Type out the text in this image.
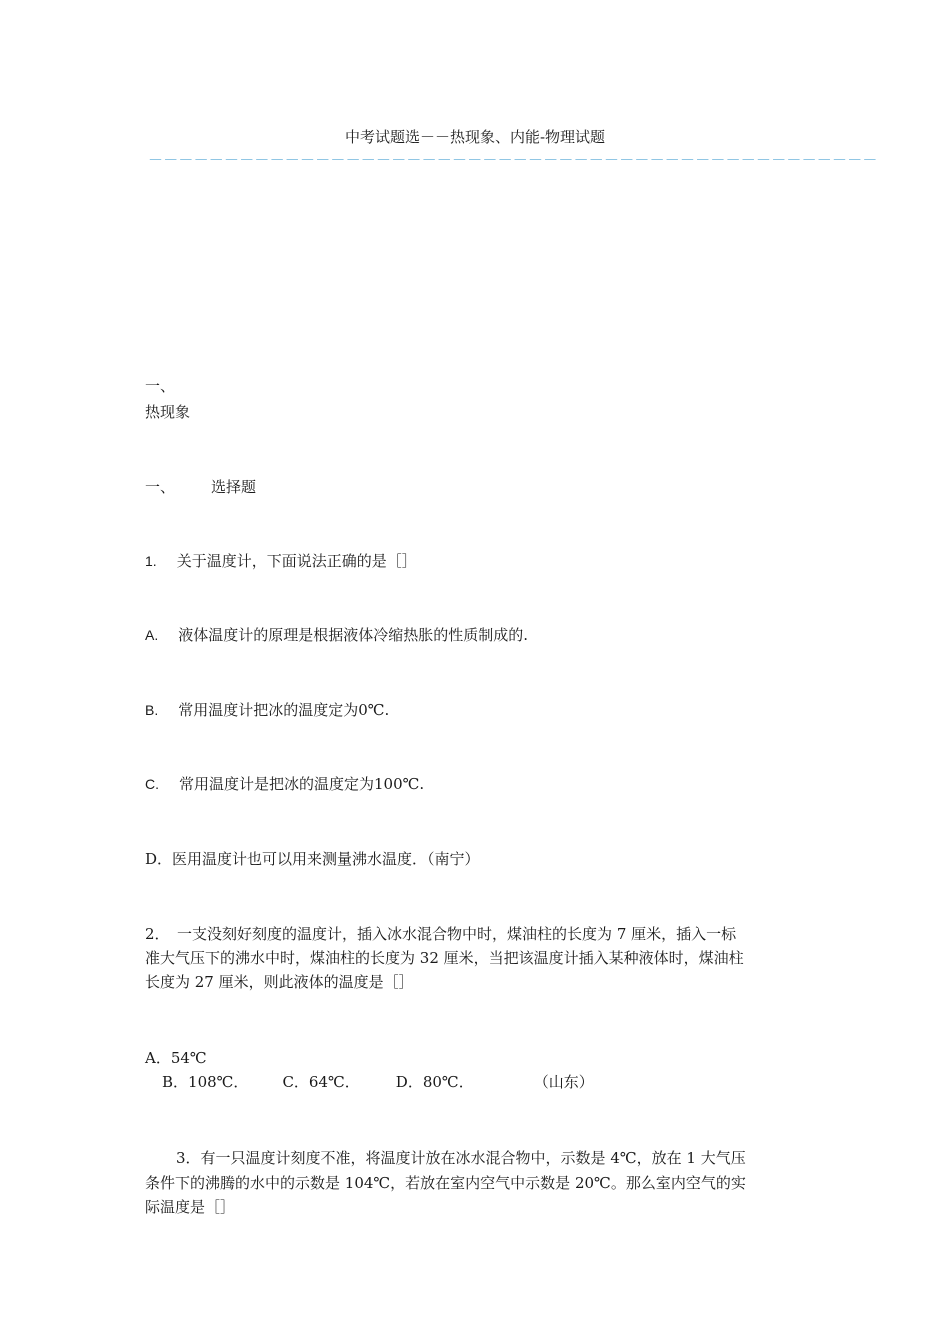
中考试题选－－热现象、内能-物理试题
－－－－－－－－－－－－－－－－－－－－－－－－－－－－－－－－－－－－－－－－－－－－－－－－
一、
热现象
一、 选择题
1. 关于温度计，下面说法正确的是［］
A. 液体温度计的原理是根据液体冷缩热胀的性质制成的.
B. 常用温度计把冰的温度定为0℃.
C. 常用温度计是把冰的温度定为100℃.
D．医用温度计也可以用来测量沸水温度．（南宁）
2．　一支没刻好刻度的温度计，插入冰水混合物中时，煤油柱的长度为 7 厘米，插入一标
准大气压下的沸水中时，煤油柱的长度为 32 厘米，当把该温度计插入某种液体时，煤油柱
长度为 27 厘米，则此液体的温度是［］
A．54℃
B．108℃． C．64℃． D．80℃．	（山东）
3．有一只温度计刻度不准，将温度计放在冰水混合物中，示数是 4℃，放在 1 大气压
条件下的沸腾的水中的示数是 104℃，若放在室内空气中示数是 20℃。那么室内空气的实
际温度是［］
